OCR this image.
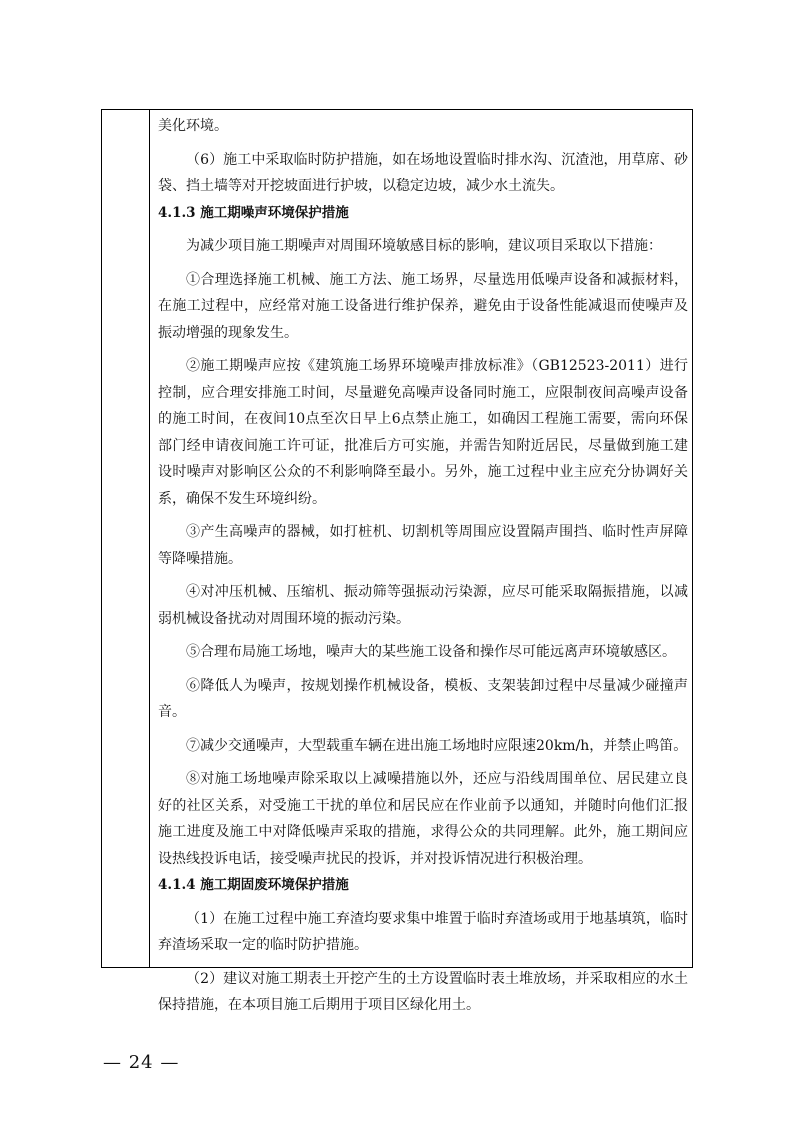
美化环境。

（6）施工中采取临时防护措施，如在场地设置临时排水沟、沉渣池，用草席、砂袋、挡土墙等对开挖坡面进行护坡，以稳定边坡，减少水土流失。

4.1.3 施工期噪声环境保护措施

为减少项目施工期噪声对周围环境敏感目标的影响，建议项目采取以下措施：

①合理选择施工机械、施工方法、施工场界，尽量选用低噪声设备和减振材料，在施工过程中，应经常对施工设备进行维护保养，避免由于设备性能减退而使噪声及振动增强的现象发生。

②施工期噪声应按《建筑施工场界环境噪声排放标准》（GB12523-2011）进行控制，应合理安排施工时间，尽量避免高噪声设备同时施工，应限制夜间高噪声设备的施工时间，在夜间10点至次日早上6点禁止施工，如确因工程施工需要，需向环保部门经申请夜间施工许可证，批准后方可实施，并需告知附近居民，尽量做到施工建设时噪声对影响区公众的不利影响降至最小。另外，施工过程中业主应充分协调好关系，确保不发生环境纠纷。

③产生高噪声的器械，如打桩机、切割机等周围应设置隔声围挡、临时性声屏障等降噪措施。

④对冲压机械、压缩机、振动筛等强振动污染源，应尽可能采取隔振措施，以减弱机械设备扰动对周围环境的振动污染。

⑤合理布局施工场地，噪声大的某些施工设备和操作尽可能远离声环境敏感区。

⑥降低人为噪声，按规划操作机械设备，模板、支架装卸过程中尽量减少碰撞声音。

⑦减少交通噪声，大型载重车辆在进出施工场地时应限速20km/h，并禁止鸣笛。

⑧对施工场地噪声除采取以上减噪措施以外，还应与沿线周围单位、居民建立良好的社区关系，对受施工干扰的单位和居民应在作业前予以通知，并随时向他们汇报施工进度及施工中对降低噪声采取的措施，求得公众的共同理解。此外，施工期间应设热线投诉电话，接受噪声扰民的投诉，并对投诉情况进行积极治理。

4.1.4 施工期固废环境保护措施

（1）在施工过程中施工弃渣均要求集中堆置于临时弃渣场或用于地基填筑，临时弃渣场采取一定的临时防护措施。

（2）建议对施工期表土开挖产生的土方设置临时表土堆放场，并采取相应的水土保持措施，在本项目施工后期用于项目区绿化用土。

— 24 —
